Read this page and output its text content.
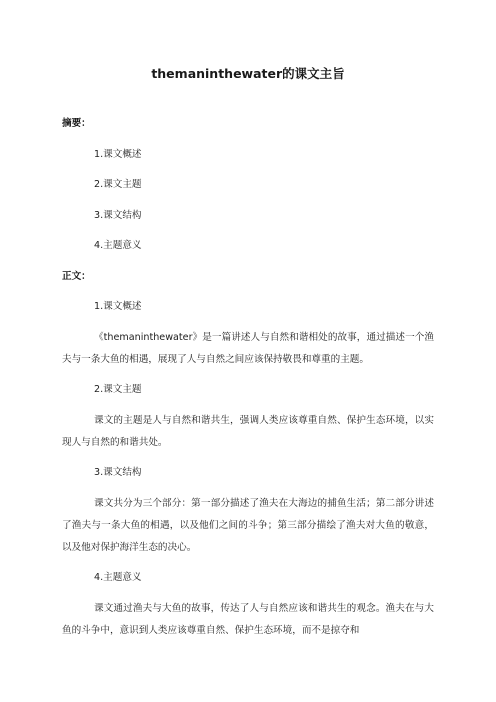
themaninthewater的课文主旨

摘要：

1.课文概述

2.课文主题

3.课文结构

4.主题意义

正文：

1.课文概述

《themaninthewater》是一篇讲述人与自然和谐相处的故事，通过描述一个渔夫与一条大鱼的相遇，展现了人与自然之间应该保持敬畏和尊重的主题。

2.课文主题

课文的主题是人与自然和谐共生，强调人类应该尊重自然、保护生态环境，以实现人与自然的和谐共处。

3.课文结构

课文共分为三个部分：第一部分描述了渔夫在大海边的捕鱼生活；第二部分讲述了渔夫与一条大鱼的相遇，以及他们之间的斗争；第三部分描绘了渔夫对大鱼的敬意，以及他对保护海洋生态的决心。

4.主题意义

课文通过渔夫与大鱼的故事，传达了人与自然应该和谐共生的观念。渔夫在与大鱼的斗争中，意识到人类应该尊重自然、保护生态环境，而不是掠夺和
